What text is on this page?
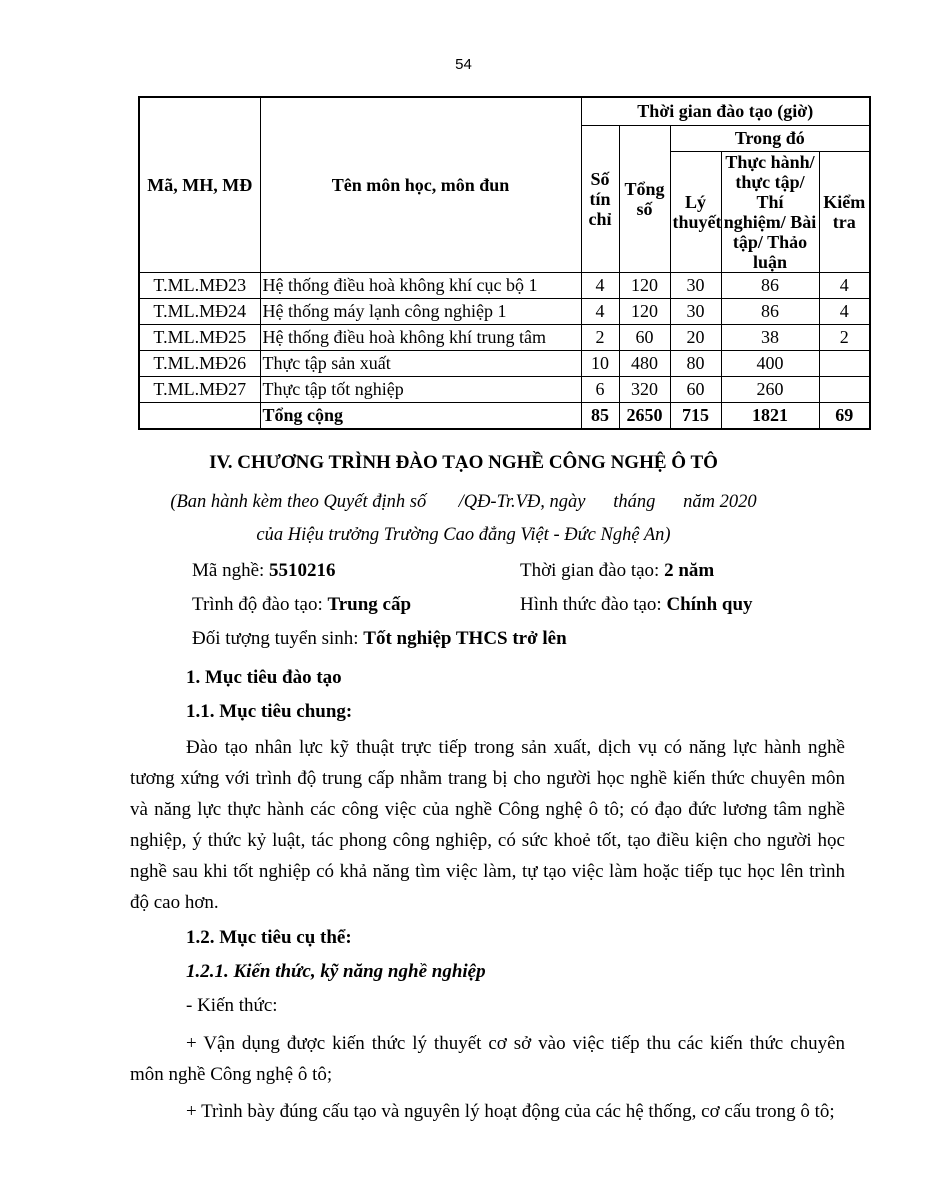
54
Mã, MH, MĐ	Tên môn học, môn đun	Thời gian đào tạo (giờ)				
		Số tín chỉ	Tổng số	Trong đó		
				Lý thuyết	Thực hành/ thực tập/ Thí nghiệm/ Bài tập/ Thảo luận	Kiểm tra
T.ML.MĐ23	Hệ thống điều hoà không khí cục bộ 1	4	120	30	86	4
T.ML.MĐ24	Hệ thống máy lạnh công nghiệp 1	4	120	30	86	4
T.ML.MĐ25	Hệ thống điều hoà không khí trung tâm	2	60	20	38	2
T.ML.MĐ26	Thực tập sản xuất	10	480	80	400	
T.ML.MĐ27	Thực tập tốt nghiệp	6	320	60	260	
	Tổng cộng	85	2650	715	1821	69

IV. CHƯƠNG TRÌNH ĐÀO TẠO NGHỀ CÔNG NGHỆ Ô TÔ

(Ban hành kèm theo Quyết định số       /QĐ-Tr.VĐ, ngày      tháng      năm 2020
của Hiệu trưởng Trường Cao đẳng Việt - Đức Nghệ An)
Mã nghề: 5510216	Thời gian đào tạo: 2 năm
Trình độ đào tạo: Trung cấp	Hình thức đào tạo: Chính quy
Đối tượng tuyển sinh: Tốt nghiệp THCS trở lên
1. Mục tiêu đào tạo
1.1. Mục tiêu chung:

Đào tạo nhân lực kỹ thuật trực tiếp trong sản xuất, dịch vụ có năng lực hành nghề tương xứng với trình độ trung cấp nhằm trang bị cho người học nghề kiến thức chuyên môn và năng lực thực hành các công việc của nghề Công nghệ ô tô; có đạo đức lương tâm nghề nghiệp, ý thức kỷ luật, tác phong công nghiệp, có sức khoẻ tốt, tạo điều kiện cho người học nghề sau khi tốt nghiệp có khả năng tìm việc làm, tự tạo việc làm hoặc tiếp tục học lên trình độ cao hơn.

1.2. Mục tiêu cụ thể:
1.2.1. Kiến thức, kỹ năng nghề nghiệp
- Kiến thức:

+ Vận dụng được kiến thức lý thuyết cơ sở vào việc tiếp thu các kiến thức chuyên môn nghề Công nghệ ô tô;

+ Trình bày đúng cấu tạo và nguyên lý hoạt động của các hệ thống, cơ cấu trong ô tô;
